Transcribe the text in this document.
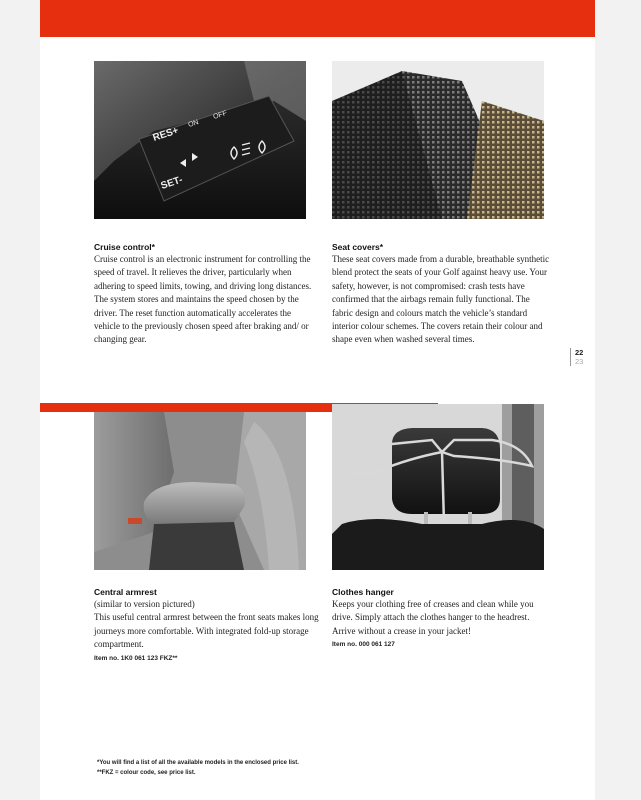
RES+
ON
OFF
SET-
Cruise control*

Cruise control is an electronic instrument for controlling the speed of travel. It relieves the driver, particularly when adhering to speed limits, towing, and driving long distances. The system stores and maintains the speed chosen by the driver. The reset function automatically accelerates the vehicle to the previously chosen speed after braking and/ or changing gear.

Seat covers*

These seat covers made from a durable, breathable synthetic blend protect the seats of your Golf against heavy use. Your safety, however, is not compromised: crash tests have confirmed that the airbags remain fully functional. The fabric design and colours match the vehicle’s standard interior colour schemes. The covers retain their colour and shape even when washed several times.

22
23
Central armrest

(similar to version pictured)

This useful central armrest between the front seats makes long journeys more comfortable. With integrated fold-up storage compartment.

Item no. 1K0 061 123 FKZ**
Clothes hanger

Keeps your clothing free of creases and clean while you drive. Simply attach the clothes hanger to the headrest. Arrive without a crease in your jacket!

Item no. 000 061 127
*You will find a list of all the available models in the enclosed price list.
**FKZ = colour code, see price list.
